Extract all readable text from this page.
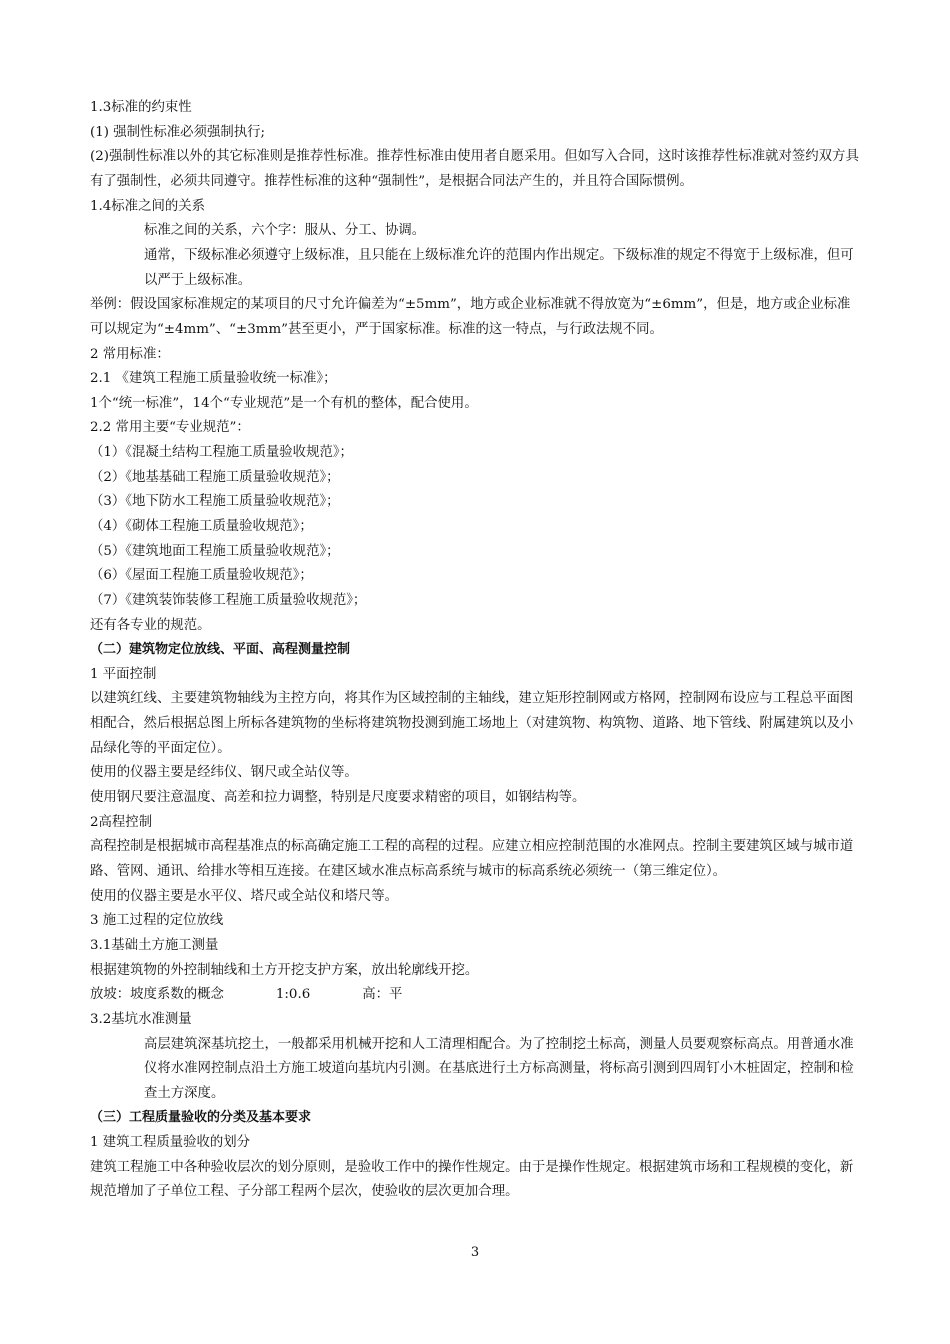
1.3标准的约束性
(1) 强制性标准必须强制执行;
(2)强制性标准以外的其它标准则是推荐性标准。推荐性标准由使用者自愿采用。但如写入合同，这时该推荐性标准就对签约双方具有了强制性，必须共同遵守。推荐性标准的这种“强制性”，是根据合同法产生的，并且符合国际惯例。
1.4标准之间的关系
标准之间的关系，六个字：服从、分工、协调。
通常，下级标准必须遵守上级标准，且只能在上级标准允许的范围内作出规定。下级标准的规定不得宽于上级标准，但可以严于上级标准。
举例：假设国家标准规定的某项目的尺寸允许偏差为“±5mm”，地方或企业标准就不得放宽为“±6mm”，但是，地方或企业标准可以规定为“±4mm”、“±3mm”甚至更小，严于国家标准。标准的这一特点，与行政法规不同。
2 常用标准：
2.1 《建筑工程施工质量验收统一标准》；
1个“统一标准”，14个“专业规范”是一个有机的整体，配合使用。
2.2 常用主要“专业规范”：
（1）《混凝土结构工程施工质量验收规范》；
（2）《地基基础工程施工质量验收规范》；
（3）《地下防水工程施工质量验收规范》；
（4）《砌体工程施工质量验收规范》；
（5）《建筑地面工程施工质量验收规范》；
（6）《屋面工程施工质量验收规范》；
（7）《建筑装饰装修工程施工质量验收规范》；
还有各专业的规范。
（二）建筑物定位放线、平面、高程测量控制
1 平面控制
以建筑红线、主要建筑物轴线为主控方向，将其作为区域控制的主轴线，建立矩形控制网或方格网，控制网布设应与工程总平面图相配合，然后根据总图上所标各建筑物的坐标将建筑物投测到施工场地上（对建筑物、构筑物、道路、地下管线、附属建筑以及小品绿化等的平面定位）。
使用的仪器主要是经纬仪、钢尺或全站仪等。
使用钢尺要注意温度、高差和拉力调整，特别是尺度要求精密的项目，如钢结构等。
2高程控制
高程控制是根据城市高程基准点的标高确定施工工程的高程的过程。应建立相应控制范围的水准网点。控制主要建筑区域与城市道路、管网、通讯、给排水等相互连接。在建区域水准点标高系统与城市的标高系统必须统一（第三维定位）。
使用的仪器主要是水平仪、塔尺或全站仪和塔尺等。
3 施工过程的定位放线
3.1基础土方施工测量
根据建筑物的外控制轴线和土方开挖支护方案，放出轮廓线开挖。
放坡：坡度系数的概念	1:0.6	高：平
3.2基坑水准测量
高层建筑深基坑挖土，一般都采用机械开挖和人工清理相配合。为了控制挖土标高，测量人员要观察标高点。用普通水准仪将水准网控制点沿土方施工坡道向基坑内引测。在基底进行土方标高测量，将标高引测到四周钉小木桩固定，控制和检查土方深度。
（三）工程质量验收的分类及基本要求
1 建筑工程质量验收的划分
建筑工程施工中各种验收层次的划分原则，是验收工作中的操作性规定。由于是操作性规定。根据建筑市场和工程规模的变化，新规范增加了子单位工程、子分部工程两个层次，使验收的层次更加合理。
3
